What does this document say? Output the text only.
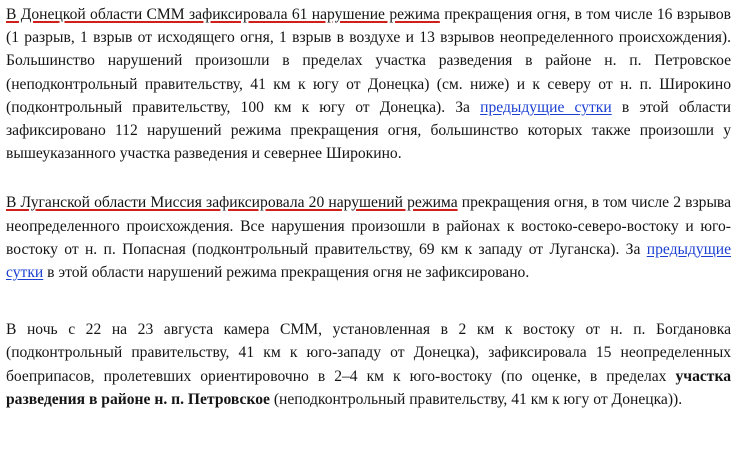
В Донецкой области СММ зафиксировала 61 нарушение режима прекращения огня, в том числе 16 взрывов (1 разрыв, 1 взрыв от исходящего огня, 1 взрыв в воздухе и 13 взрывов неопределенного происхождения). Большинство нарушений произошли в пределах участка разведения в районе н. п. Петровское (неподконтрольный правительству, 41 км к югу от Донецка) (см. ниже) и к северу от н. п. Широкино (подконтрольный правительству, 100 км к югу от Донецка). За предыдущие сутки в этой области зафиксировано 112 нарушений режима прекращения огня, большинство которых также произошли у вышеуказанного участка разведения и севернее Широкино.

В Луганской области Миссия зафиксировала 20 нарушений режима прекращения огня, в том числе 2 взрыва неопределенного происхождения. Все нарушения произошли в районах к востоко-северо-востоку и юго-востоку от н. п. Попасная (подконтрольный правительству, 69 км к западу от Луганска). За предыдущие сутки в этой области нарушений режима прекращения огня не зафиксировано.

В ночь с 22 на 23 августа камера СММ, установленная в 2 км к востоку от н. п. Богдановка (подконтрольный правительству, 41 км к юго-западу от Донецка), зафиксировала 15 неопределенных боеприпасов, пролетевших ориентировочно в 2–4 км к юго-востоку (по оценке, в пределах участка разведения в районе н. п. Петровское (неподконтрольный правительству, 41 км к югу от Донецка)).
